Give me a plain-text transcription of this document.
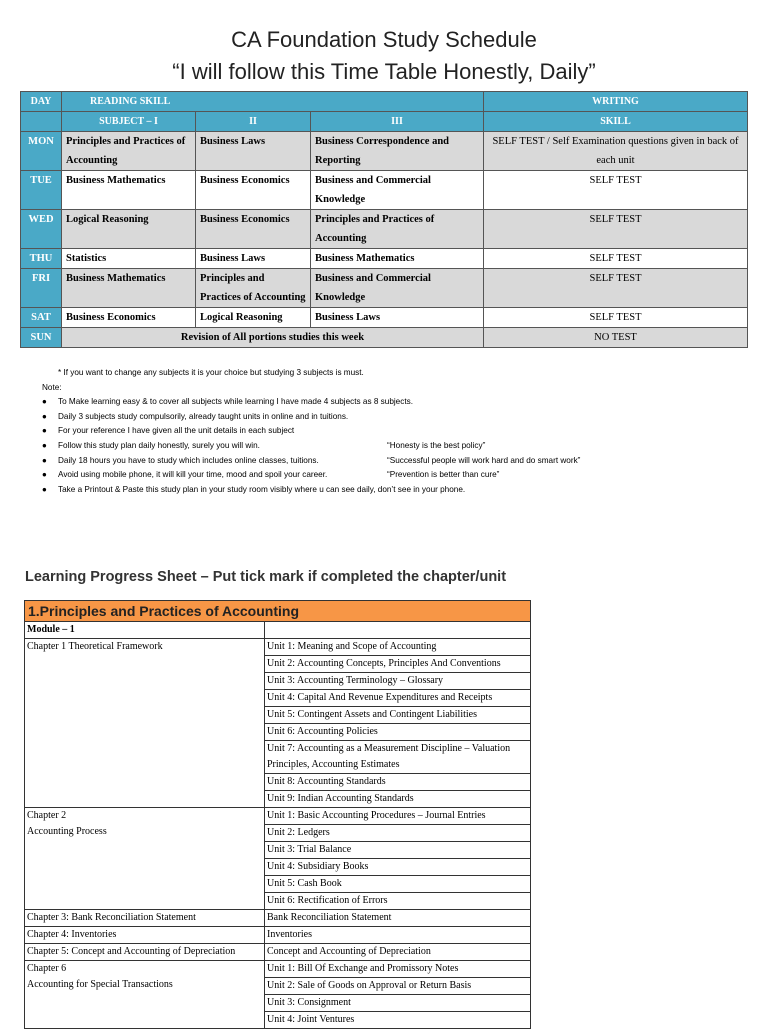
CA Foundation Study Schedule
“I will follow this Time Table Honestly, Daily”
DAY	READING SKILL			WRITING
	SUBJECT – I	II	III	SKILL
MON	Principles and Practices of Accounting	Business Laws	Business Correspondence and Reporting	SELF TEST / Self Examination questions given in back of each unit
TUE	Business Mathematics	Business Economics	Business and Commercial Knowledge	SELF TEST
WED	Logical Reasoning	Business Economics	Principles and Practices of Accounting	SELF TEST
THU	Statistics	Business Laws	Business Mathematics	SELF TEST
FRI	Business Mathematics	Principles and Practices of Accounting	Business and Commercial Knowledge	SELF TEST
SAT	Business Economics	Logical Reasoning	Business Laws	SELF TEST
SUN	Revision of All portions studies this week			NO TEST
* If you want to change any subjects it is your choice but studying 3 subjects is must.
Note:
● To Make learning easy & to cover all subjects while learning I have made 4 subjects as 8 subjects.
● Daily 3 subjects study compulsorily, already taught units in online and in tuitions.
● For your reference I have given all the unit details in each subject
● Follow this study plan daily honestly, surely you will win.	“Honesty is the best policy”
● Daily 18 hours you have to study which includes online classes, tuitions.	“Successful people will work hard and do smart work”
● Avoid using mobile phone, it will kill your time, mood and spoil your career.	“Prevention is better than cure”
● Take a Printout & Paste this study plan in your study room visibly where u can see daily, don’t see in your phone.
Learning Progress Sheet – Put tick mark if completed the chapter/unit
1.Principles and Practices of Accounting	
Module – 1	
Chapter 1 Theoretical Framework	Unit 1: Meaning and Scope of Accounting
	Unit 2: Accounting Concepts, Principles And Conventions
	Unit 3: Accounting Terminology – Glossary
	Unit 4: Capital And Revenue Expenditures and Receipts
	Unit 5: Contingent Assets and Contingent Liabilities
	Unit 6: Accounting Policies
	Unit 7: Accounting as a Measurement Discipline – Valuation Principles, Accounting Estimates
	Unit 8: Accounting Standards
	Unit 9: Indian Accounting Standards

Chapter 2
Accounting Process	Unit 1: Basic Accounting Procedures – Journal Entries
	Unit 2: Ledgers
	Unit 3: Trial Balance
	Unit 4: Subsidiary Books
	Unit 5: Cash Book
	Unit 6: Rectification of Errors
Chapter 3: Bank Reconciliation Statement	Bank Reconciliation Statement
Chapter 4: Inventories	Inventories
Chapter 5: Concept and Accounting of Depreciation	Concept and Accounting of Depreciation

Chapter 6
Accounting for Special Transactions	Unit 1: Bill Of Exchange and Promissory Notes
	Unit 2: Sale of Goods on Approval or Return Basis
	Unit 3: Consignment
	Unit 4: Joint Ventures
